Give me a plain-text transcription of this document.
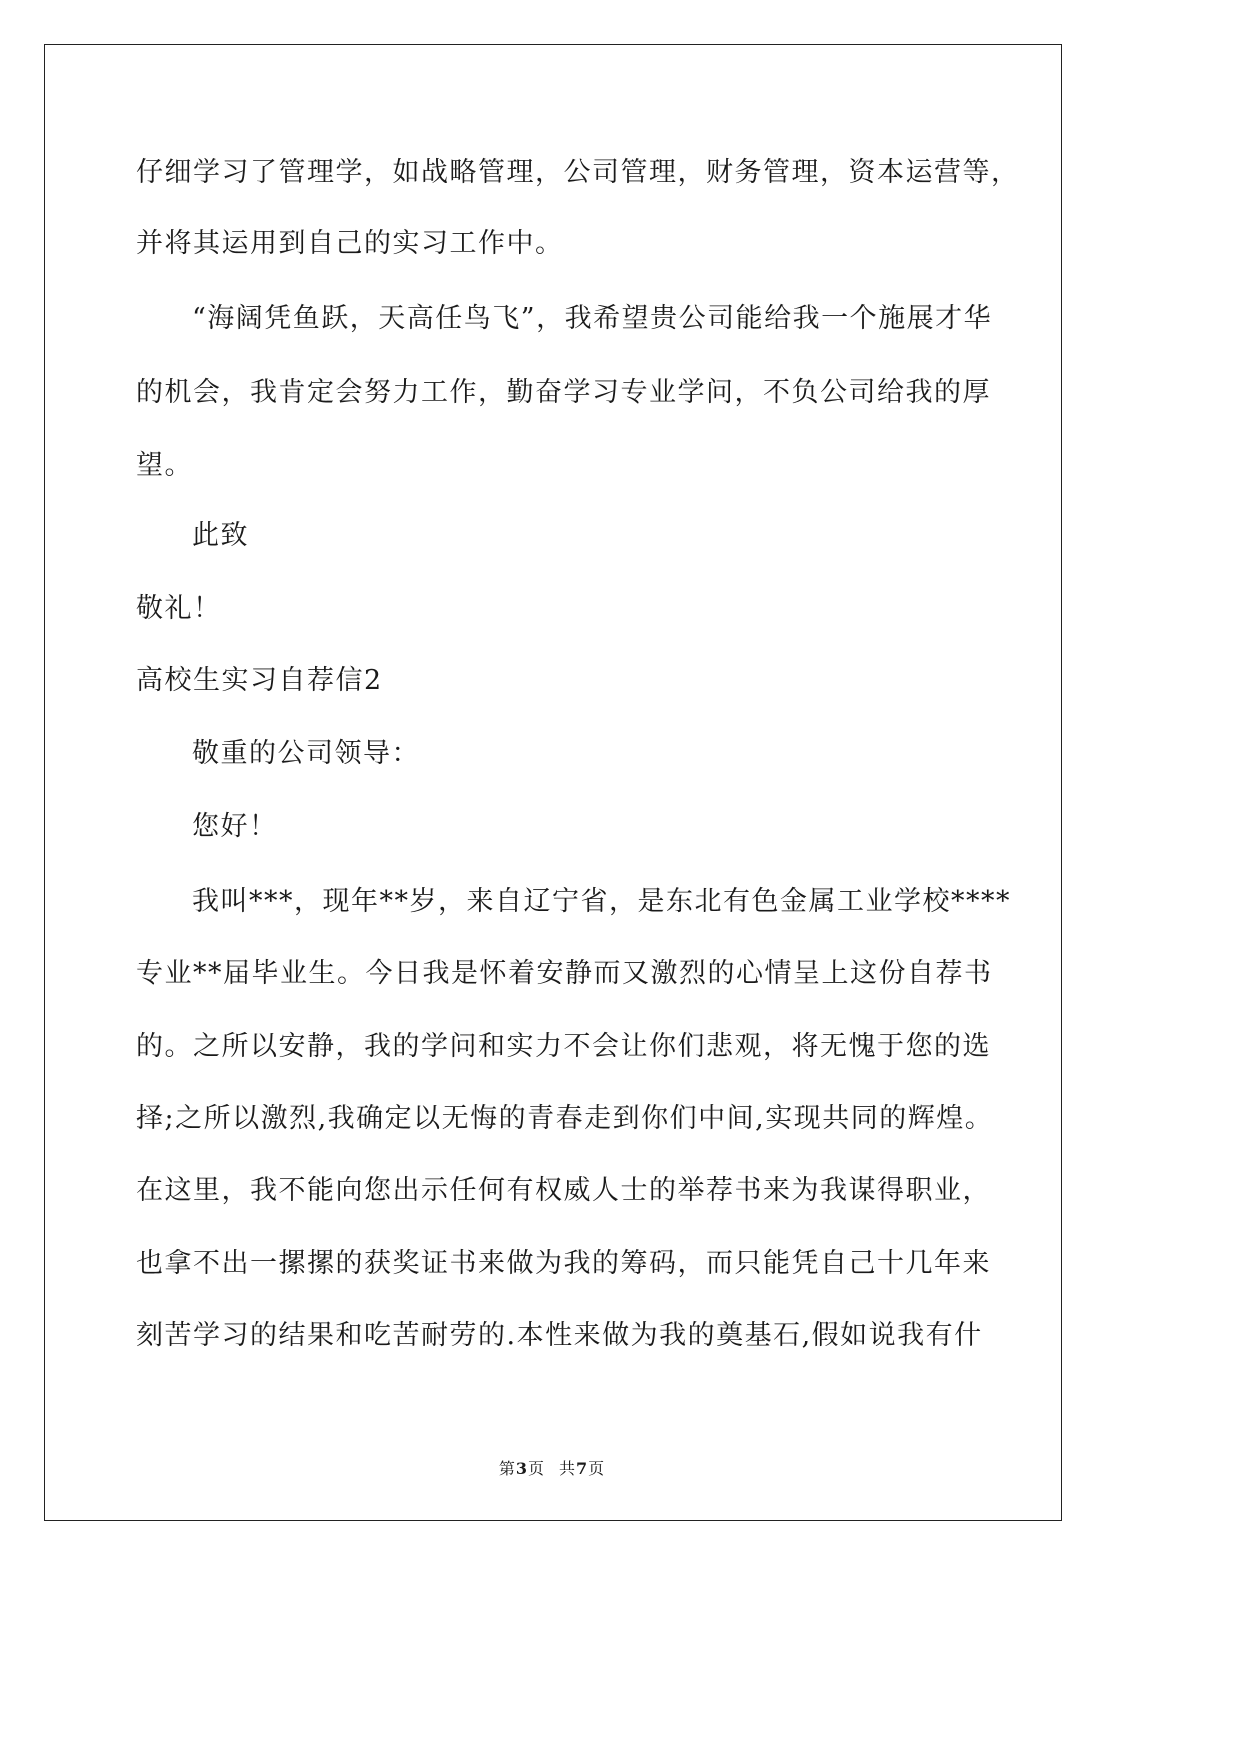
仔细学习了管理学，如战略管理，公司管理，财务管理，资本运营等，
并将其运用到自己的实习工作中。
“海阔凭鱼跃，天高任鸟飞”，我希望贵公司能给我一个施展才华
的机会，我肯定会努力工作，勤奋学习专业学问，不负公司给我的厚
望。
此致
敬礼！
高校生实习自荐信2
敬重的公司领导：
您好！
我叫***，现年**岁，来自辽宁省，是东北有色金属工业学校****
专业**届毕业生。今日我是怀着安静而又激烈的心情呈上这份自荐书
的。之所以安静，我的学问和实力不会让你们悲观，将无愧于您的选
择;之所以激烈,我确定以无悔的青春走到你们中间,实现共同的辉煌。
在这里，我不能向您出示任何有权威人士的举荐书来为我谋得职业，
也拿不出一摞摞的获奖证书来做为我的筹码，而只能凭自己十几年来
刻苦学习的结果和吃苦耐劳的.本性来做为我的奠基石,假如说我有什
第3页 共7页
